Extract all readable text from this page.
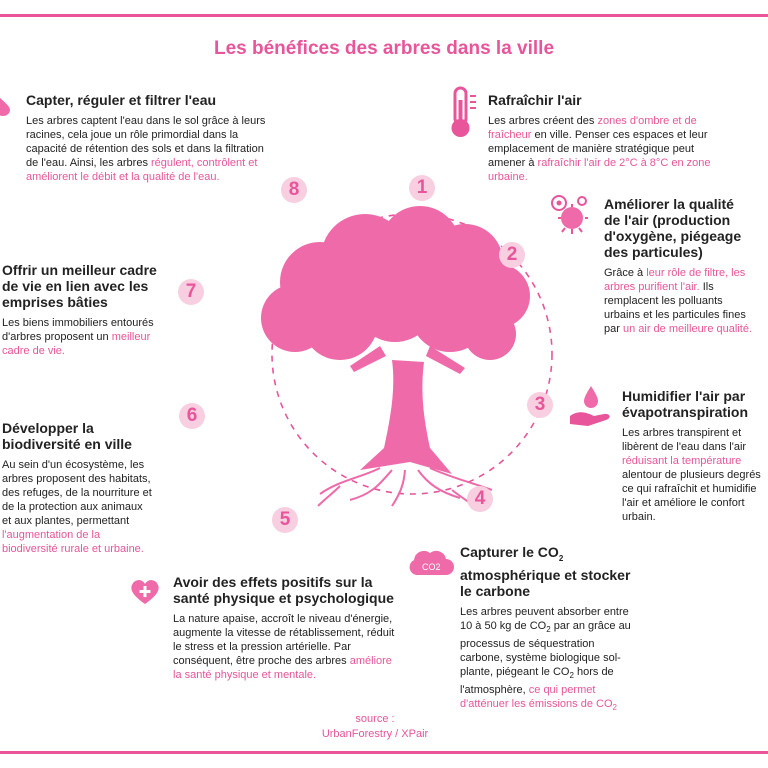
Les bénéfices des arbres dans la ville
1
2
3
4
5
6
7
8
CO2
Capter, réguler et filtrer l'eau

Les arbres captent l'eau dans le sol grâce à leurs racines, cela joue un rôle primordial dans la capacité de rétention des sols et dans la filtration de l'eau. Ainsi, les arbres régulent, contrôlent et améliorent le débit et la qualité de l'eau.

Rafraîchir l'air

Les arbres créent des zones d'ombre et de fraîcheur en ville. Penser ces espaces et leur emplacement de manière stratégique peut amener à rafraîchir l'air de 2°C à 8°C en zone urbaine.

Améliorer la qualité de l'air (production d'oxygène, piégeage des particules)

Grâce à leur rôle de filtre, les arbres purifient l'air. Ils remplacent les polluants urbains et les particules fines par un air de meilleure qualité.

Humidifier l'air par évapotranspiration

Les arbres transpirent et libèrent de l'eau dans l'air réduisant la température alentour de plusieurs degrés ce qui rafraîchit et humidifie l'air et améliore le confort urbain.

Capturer le $CO_2$ atmosphérique et stocker le carbone

Les arbres peuvent absorber entre 10 à 50 kg de $CO_2$ par an grâce au processus de séquestration carbone, système biologique sol-plante, piégeant le $CO_2$ hors de l'atmosphère, ce qui permet d'atténuer les émissions de $CO_2$

Avoir des effets positifs sur la santé physique et psychologique

La nature apaise, accroît le niveau d'énergie, augmente la vitesse de rétablissement, réduit le stress et la pression artérielle. Par conséquent, être proche des arbres améliore la santé physique et mentale.

Développer la biodiversité en ville

Au sein d'un écosystème, les arbres proposent des habitats, des refuges, de la nourriture et de la protection aux animaux et aux plantes, permettant l'augmentation de la biodiversité rurale et urbaine.

Offrir un meilleur cadre de vie en lien avec les emprises bâties

Les biens immobiliers entourés d'arbres proposent un meilleur cadre de vie.

source :
UrbanForestry / XPair
